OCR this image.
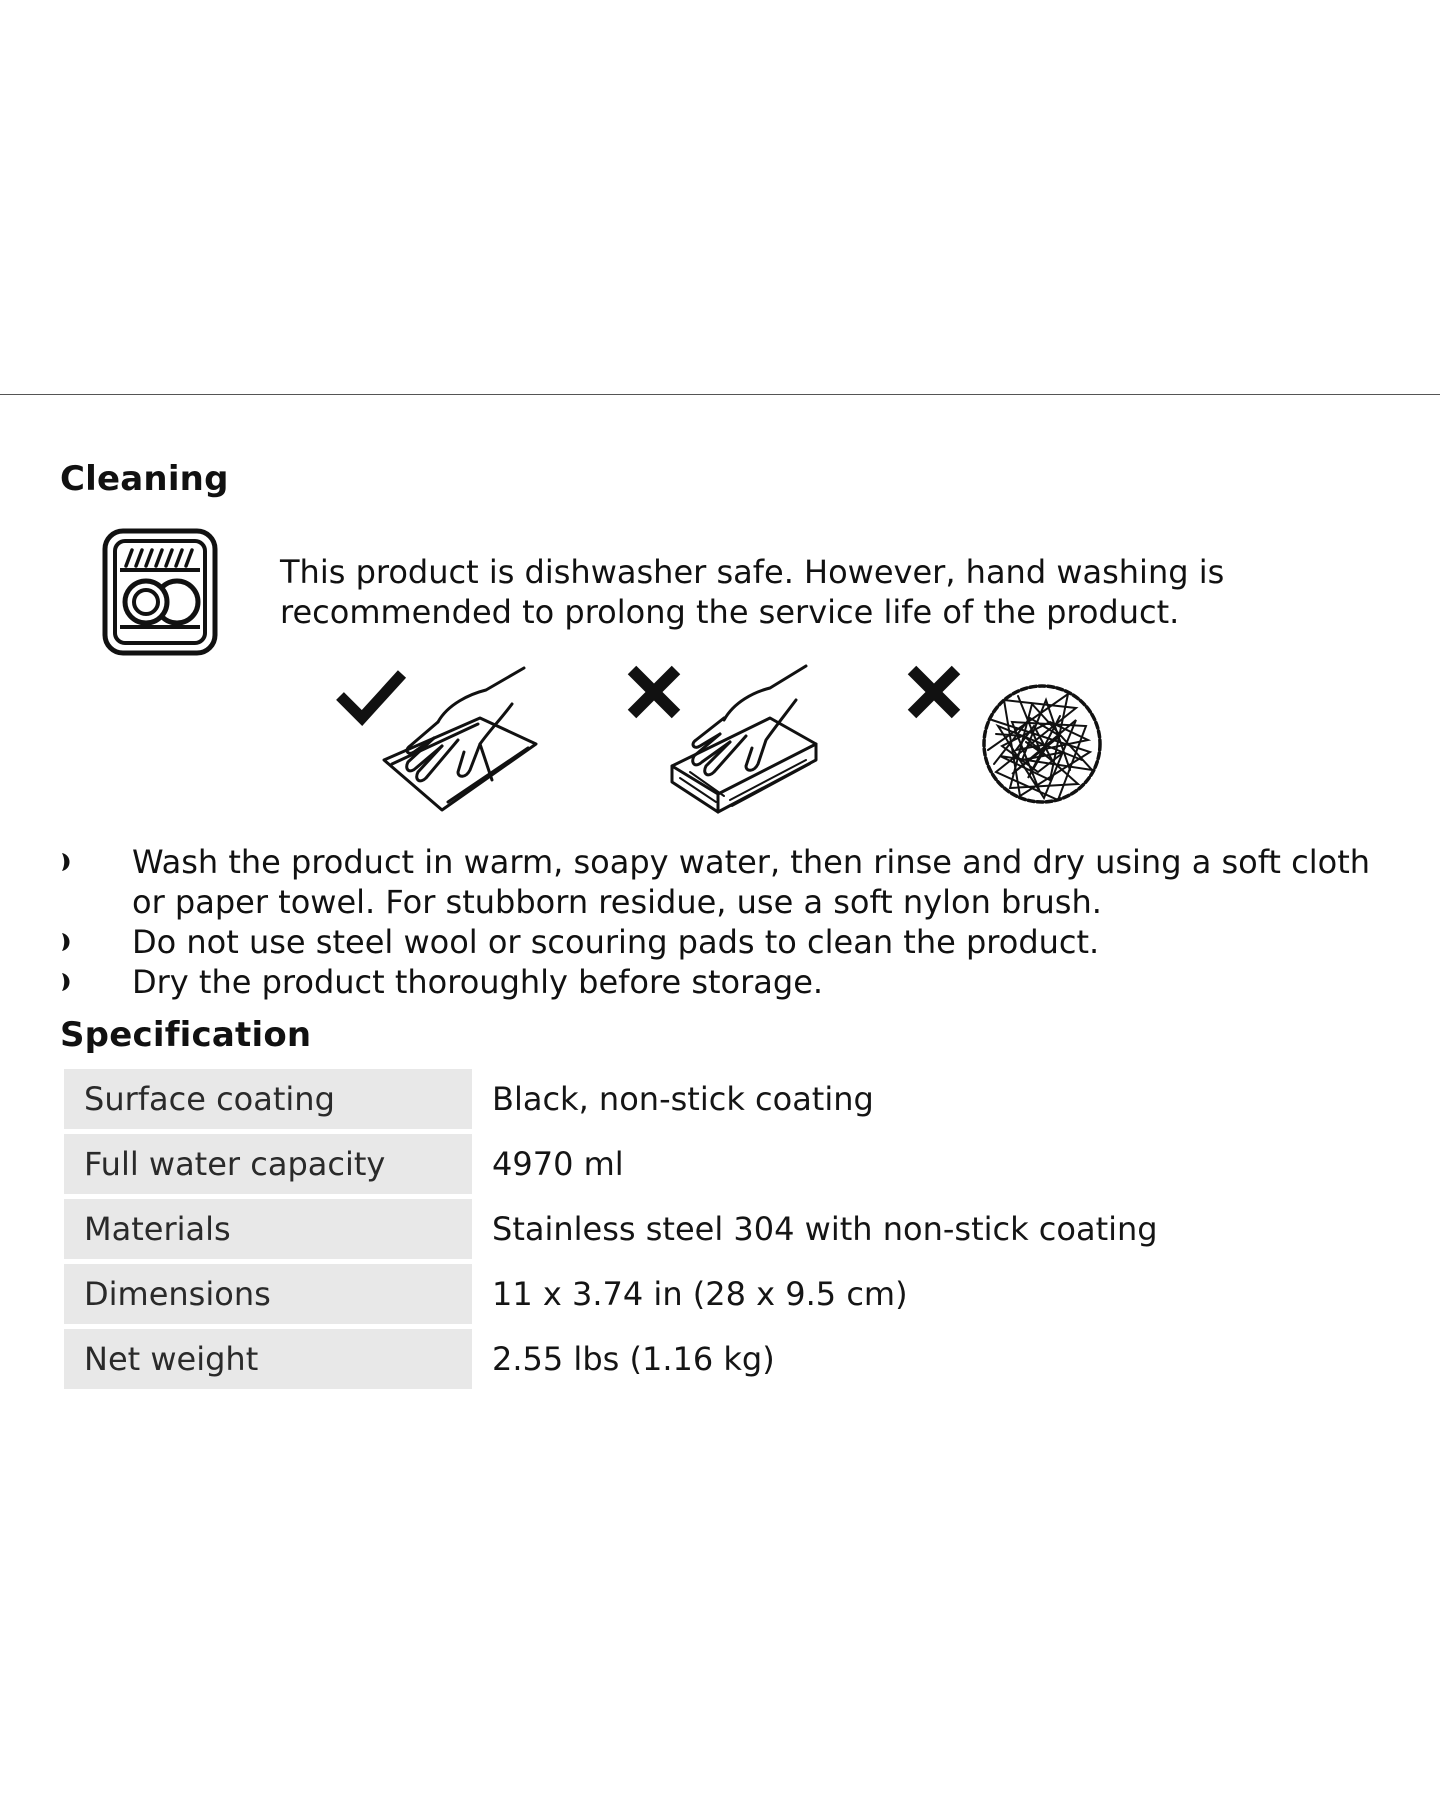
Cleaning

This product is dishwasher safe. However, hand washing is recommended to prolong the service life of the product.

Wash the product in warm, soapy water, then rinse and dry using a soft cloth or paper towel. For stubborn residue, use a soft nylon brush.
Do not use steel wool or scouring pads to clean the product.
Dry the product thoroughly before storage.
Specification
Surface coating	Black, non-stick coating
Full water capacity	4970 ml
Materials	Stainless steel 304 with non-stick coating
Dimensions	11 x 3.74 in (28 x 9.5 cm)
Net weight	2.55 lbs (1.16 kg)
